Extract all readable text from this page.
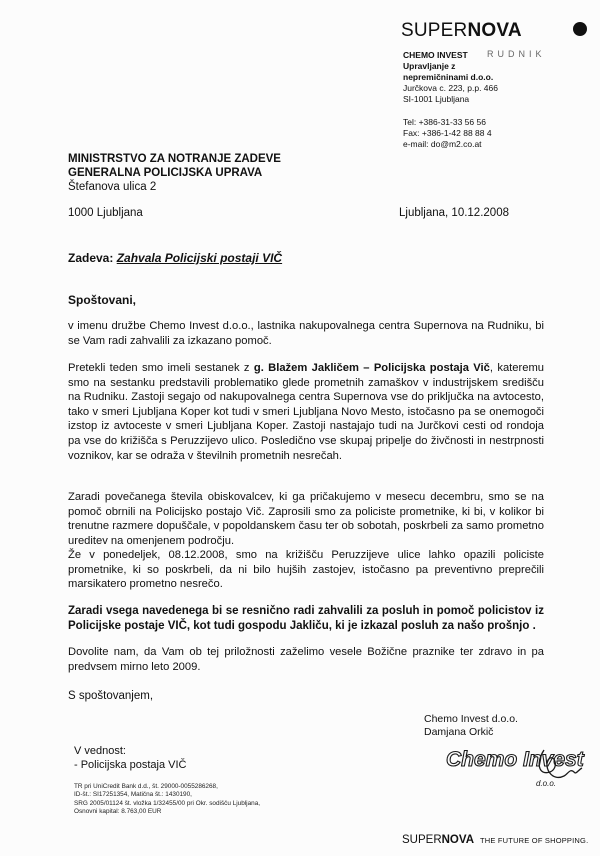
SUPERNOVA
CHEMO INVEST	RUDNIK
Upravljanje z
nepremičninami d.o.o.
Jurčkova c. 223, p.p. 466
SI-1001 Ljubljana
Tel: +386-31-33 56 56
Fax: +386-1-42 88 88 4
e-mail: do@m2.co.at
MINISTRSTVO ZA NOTRANJE ZADEVE
GENERALNA POLICIJSKA UPRAVA
Štefanova ulica 2
1000 Ljubljana	Ljubljana, 10.12.2008
Zadeva: Zahvala Policijski postaji VIČ
Spoštovani,

v imenu družbe Chemo Invest d.o.o., lastnika nakupovalnega centra Supernova na Rudniku, bi se Vam radi zahvalili za izkazano pomoč.

Pretekli teden smo imeli sestanek z g. Blažem Jakličem – Policijska postaja Vič, kateremu smo na sestanku predstavili problematiko glede prometnih zamaškov v industrijskem središču na Rudniku. Zastoji segajo od nakupovalnega centra Supernova vse do priključka na avtocesto, tako v smeri Ljubljana Koper kot tudi v smeri Ljubljana Novo Mesto, istočasno pa se onemogoči izstop iz avtoceste v smeri Ljubljana Koper. Zastoji nastajajo tudi na Jurčkovi cesti od rondoja pa vse do križišča s Peruzzijevo ulico. Posledično vse skupaj pripelje do živčnosti in nestrpnosti voznikov, kar se odraža v številnih prometnih nesrečah.

Zaradi povečanega števila obiskovalcev, ki ga pričakujemo v mesecu decembru, smo se na pomoč obrnili na Policijsko postajo Vič. Zaprosili smo za policiste prometnike, ki bi, v kolikor bi trenutne razmere dopuščale, v popoldanskem času ter ob sobotah, poskrbeli za samo prometno ureditev na omenjenem področju.

Že v ponedeljek, 08.12.2008, smo na križišču Peruzzijeve ulice lahko opazili policiste prometnike, ki so poskrbeli, da ni bilo hujših zastojev, istočasno pa preventivno preprečili marsikatero prometno nesrečo.

Zaradi vsega navedenega bi se resnično radi zahvalili za posluh in pomoč policistov iz Policijske postaje VIČ, kot tudi gospodu Jakliču, ki je izkazal posluh za našo prošnjo .

Dovolite nam, da Vam ob tej priložnosti zaželimo vesele Božične praznike ter zdravo in pa predvsem mirno leto 2009.

S spoštovanjem,
Chemo Invest d.o.o.
Damjana Orkič
Chemo Invest
d.o.o.
V vednost:
- Policijska postaja VIČ
TR pri UniCredit Bank d.d., št. 29000-0055286268,
ID-št.: SI17251354, Matična št.: 1430190,
SRG 2005/01124 št. vložka 1/32455/00 pri Okr. sodišču Ljubljana,
Osnovni kapital: 8.763,00 EUR
SUPERNOVA THE FUTURE OF SHOPPING.
